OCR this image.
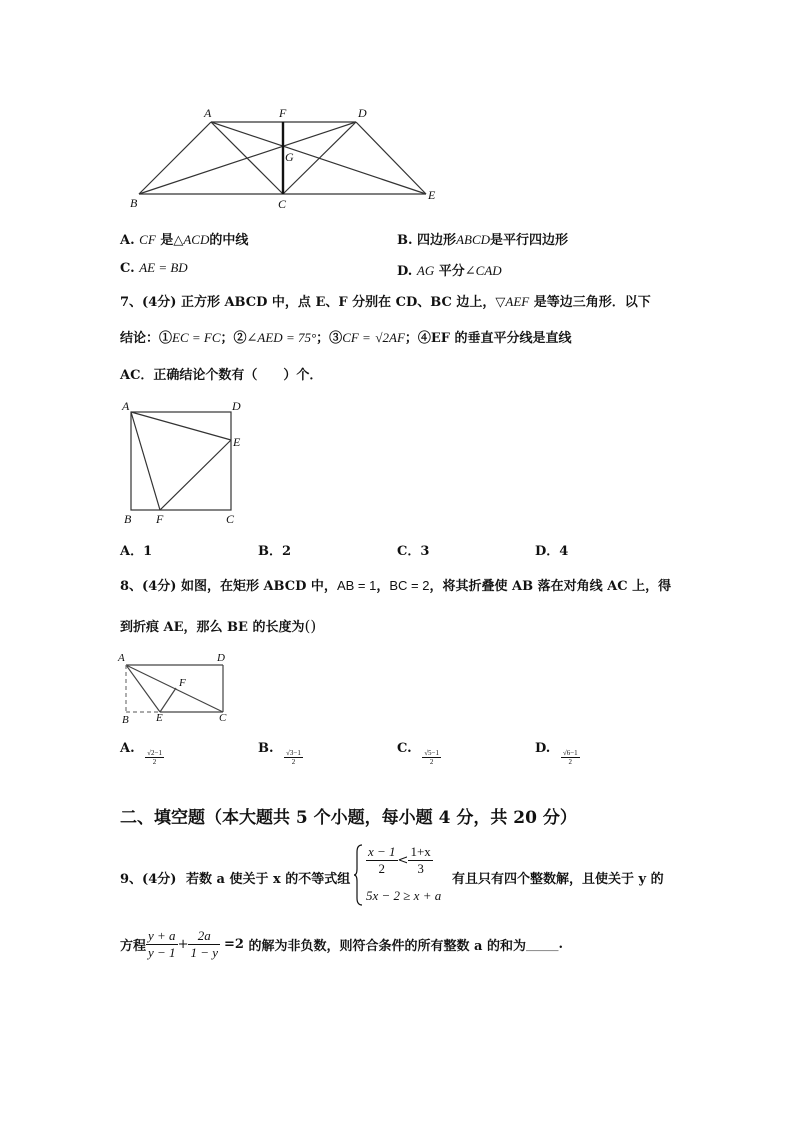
A	F	D
G
B	C
E
A. CF 是△ACD的中线	B. 四边形ABCD是平行四边形
C. AE = BD	D. AG 平分∠CAD
7、(4分) 正方形 ABCD 中，点 E、F 分别在 CD、BC 边上，▽AEF 是等边三角形．以下
结论：①EC = FC；②∠AED = 75°；③CF = √2AF；④EF 的垂直平分线是直线
AC．正确结论个数有（　　）个．
A	D
E
B F	C
A．1	B．2	C．3	D．4
8、(4分) 如图，在矩形 ABCD 中，AB = 1，BC = 2，将其折叠使 AB 落在对角线 AC 上，得
到折痕 AE，那么 BE 的长度为()
A	D
F
B E	C
A.
$\frac{√2-1}{2}$
B.
$\frac{√3-1}{2}$
C.
$\frac{√5-1}{2}$
D.
$\frac{√6-1}{2}$
二、填空题（本大题共 5 个小题，每小题 4 分，共 20 分）
9、(4分) 若数 a 使关于 x 的不等式组
$\frac{x - 1}{2} < \frac{1+x}{3}$
5x − 2 ≥ x + a
有且只有四个整数解，且使关于 y 的
方程 $\frac{y + a}{y - 1} + \frac{2a}{1 - y} =2$ 的解为非负数，则符合条件的所有整数 a 的和为_____.
